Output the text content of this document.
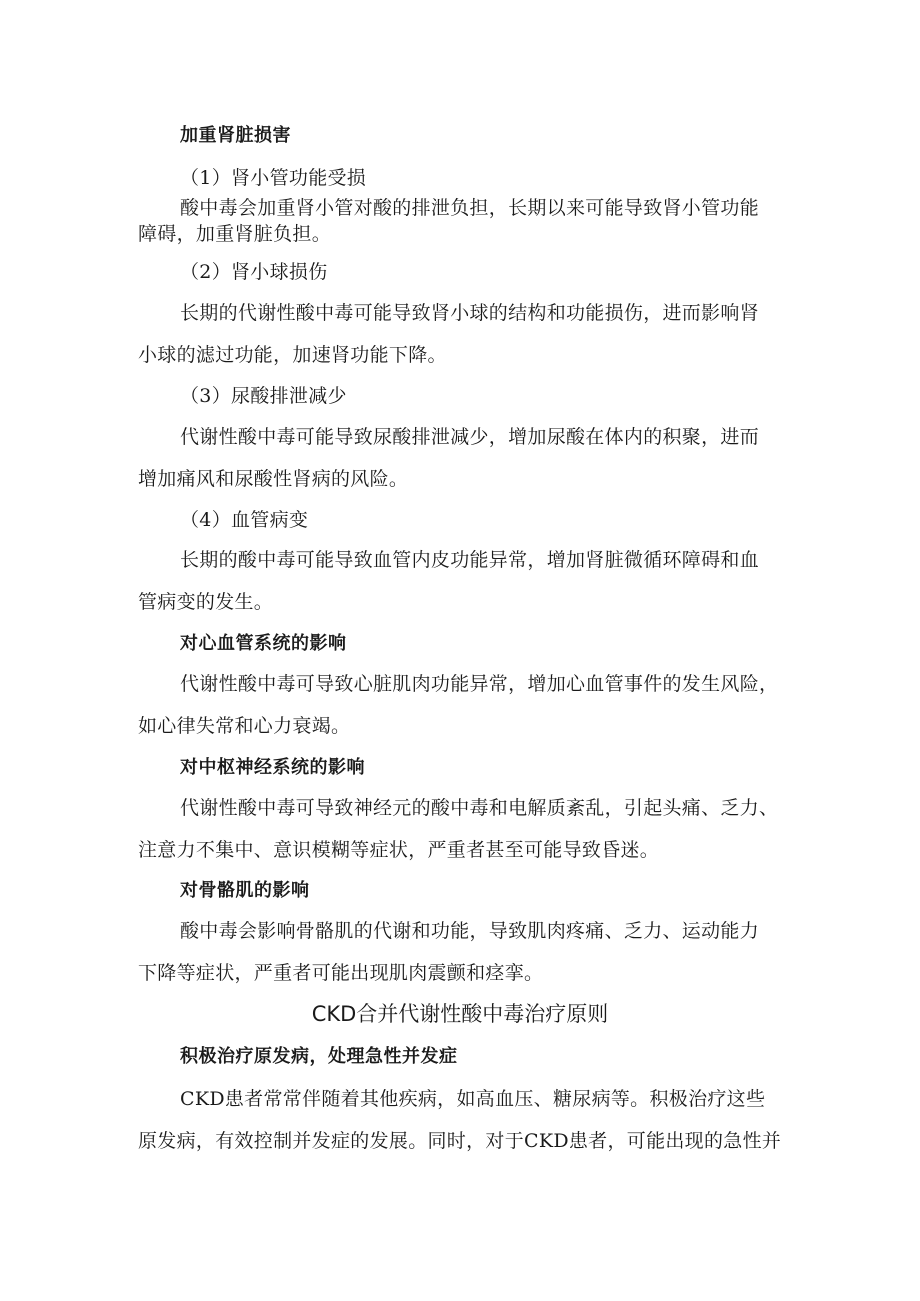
加重肾脏损害
（1）肾小管功能受损
酸中毒会加重肾小管对酸的排泄负担，长期以来可能导致肾小管功能
障碍，加重肾脏负担。
（2）肾小球损伤
长期的代谢性酸中毒可能导致肾小球的结构和功能损伤，进而影响肾
小球的滤过功能，加速肾功能下降。
（3）尿酸排泄减少
代谢性酸中毒可能导致尿酸排泄减少，增加尿酸在体内的积聚，进而
增加痛风和尿酸性肾病的风险。
（4）血管病变
长期的酸中毒可能导致血管内皮功能异常，增加肾脏微循环障碍和血
管病变的发生。
对心血管系统的影响
代谢性酸中毒可导致心脏肌肉功能异常，增加心血管事件的发生风险，
如心律失常和心力衰竭。
对中枢神经系统的影响
代谢性酸中毒可导致神经元的酸中毒和电解质紊乱，引起头痛、乏力、
注意力不集中、意识模糊等症状，严重者甚至可能导致昏迷。
对骨骼肌的影响
酸中毒会影响骨骼肌的代谢和功能，导致肌肉疼痛、乏力、运动能力
下降等症状，严重者可能出现肌肉震颤和痉挛。
CKD合并代谢性酸中毒治疗原则
积极治疗原发病，处理急性并发症
CKD患者常常伴随着其他疾病，如高血压、糖尿病等。积极治疗这些
原发病，有效控制并发症的发展。同时，对于CKD患者，可能出现的急性并
